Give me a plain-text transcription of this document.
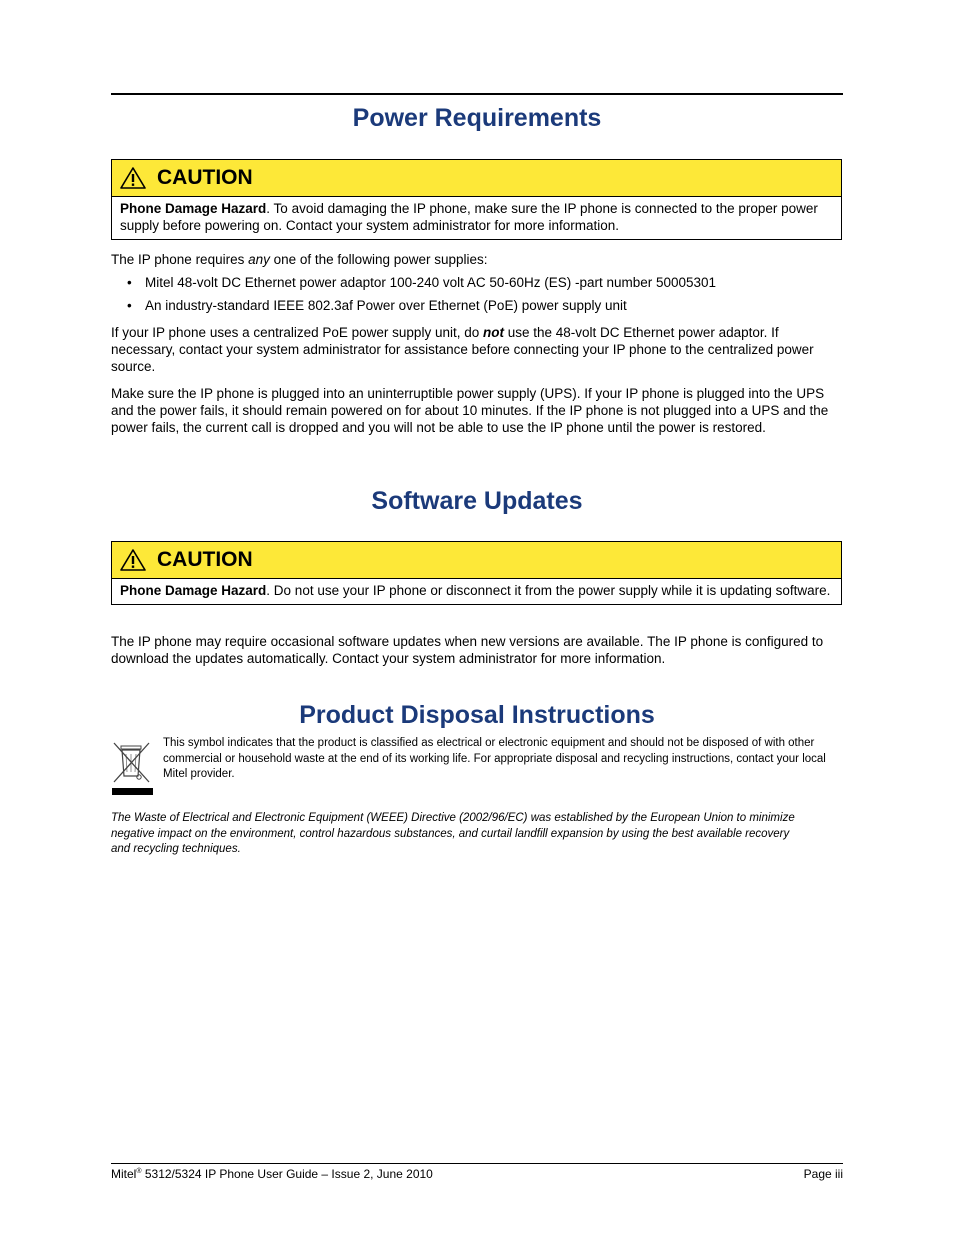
Power Requirements
CAUTION
Phone Damage Hazard. To avoid damaging the IP phone, make sure the IP phone is connected to the proper power supply before powering on. Contact your system administrator for more information.

The IP phone requires any one of the following power supplies:

• Mitel 48-volt DC Ethernet power adaptor 100-240 volt AC 50-60Hz (ES) -part number 50005301
• An industry-standard IEEE 802.3af Power over Ethernet (PoE) power supply unit

If your IP phone uses a centralized PoE power supply unit, do not use the 48-volt DC Ethernet power adaptor. If necessary, contact your system administrator for assistance before connecting your IP phone to the centralized power source.

Make sure the IP phone is plugged into an uninterruptible power supply (UPS). If your IP phone is plugged into the UPS and the power fails, it should remain powered on for about 10 minutes. If the IP phone is not plugged into a UPS and the power fails, the current call is dropped and you will not be able to use the IP phone until the power is restored.

Software Updates
CAUTION
Phone Damage Hazard. Do not use your IP phone or disconnect it from the power supply while it is updating software.

The IP phone may require occasional software updates when new versions are available. The IP phone is configured to download the updates automatically. Contact your system administrator for more information.

Product Disposal Instructions

This symbol indicates that the product is classified as electrical or electronic equipment and should not be disposed of with other commercial or household waste at the end of its working life. For appropriate disposal and recycling instructions, contact your local Mitel provider.

The Waste of Electrical and Electronic Equipment (WEEE) Directive (2002/96/EC) was established by the European Union to minimize negative impact on the environment, control hazardous substances, and curtail landfill expansion by using the best available recovery and recycling techniques.

Mitel® 5312/5324 IP Phone User Guide – Issue 2, June 2010	Page iii
